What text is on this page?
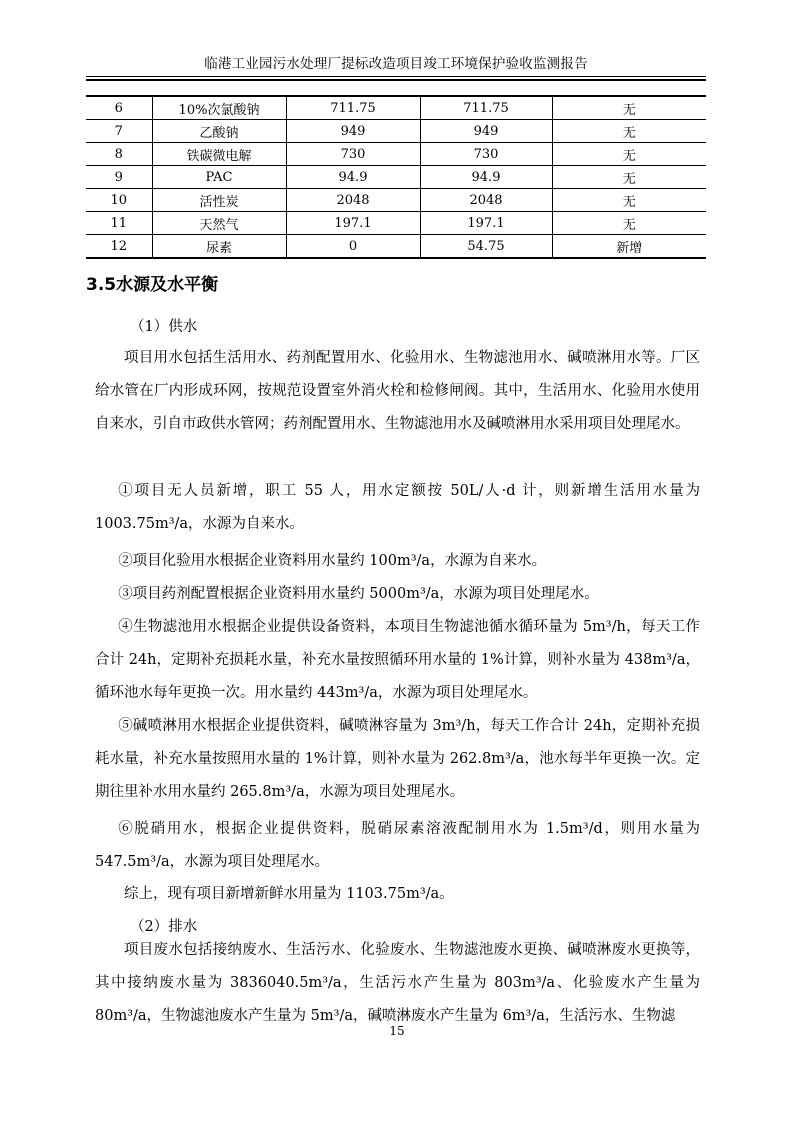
临港工业园污水处理厂提标改造项目竣工环境保护验收监测报告
6	10%次氯酸钠	711.75	711.75	无
7	乙酸钠	949	949	无
8	铁碳微电解	730	730	无
9	PAC	94.9	94.9	无
10	活性炭	2048	2048	无
11	天然气	197.1	197.1	无
12	尿素	0	54.75	新增
3.5水源及水平衡

（1）供水

项目用水包括生活用水、药剂配置用水、化验用水、生物滤池用水、碱喷淋用水等。厂区给水管在厂内形成环网，按规范设置室外消火栓和检修闸阀。其中，生活用水、化验用水使用自来水，引自市政供水管网；药剂配置用水、生物滤池用水及碱喷淋用水采用项目处理尾水。

①项目无人员新增，职工 55 人，用水定额按 50L/人·d 计，则新增生活用水量为1003.75m³/a，水源为自来水。

②项目化验用水根据企业资料用水量约 100m³/a，水源为自来水。

③项目药剂配置根据企业资料用水量约 5000m³/a，水源为项目处理尾水。

④生物滤池用水根据企业提供设备资料，本项目生物滤池循水循环量为 5m³/h，每天工作合计 24h，定期补充损耗水量，补充水量按照循环用水量的 1%计算，则补水量为 438m³/a，循环池水每年更换一次。用水量约 443m³/a，水源为项目处理尾水。

⑤碱喷淋用水根据企业提供资料，碱喷淋容量为 3m³/h，每天工作合计 24h，定期补充损耗水量，补充水量按照用水量的 1%计算，则补水量为 262.8m³/a，池水每半年更换一次。定期往里补水用水量约 265.8m³/a，水源为项目处理尾水。

⑥脱硝用水，根据企业提供资料，脱硝尿素溶液配制用水为 1.5m³/d，则用水量为547.5m³/a，水源为项目处理尾水。

综上，现有项目新增新鲜水用量为 1103.75m³/a。

（2）排水

项目废水包括接纳废水、生活污水、化验废水、生物滤池废水更换、碱喷淋废水更换等，其中接纳废水量为 3836040.5m³/a，生活污水产生量为 803m³/a、化验废水产生量为 80m³/a，生物滤池废水产生量为 5m³/a，碱喷淋废水产生量为 6m³/a，生活污水、生物滤

15
